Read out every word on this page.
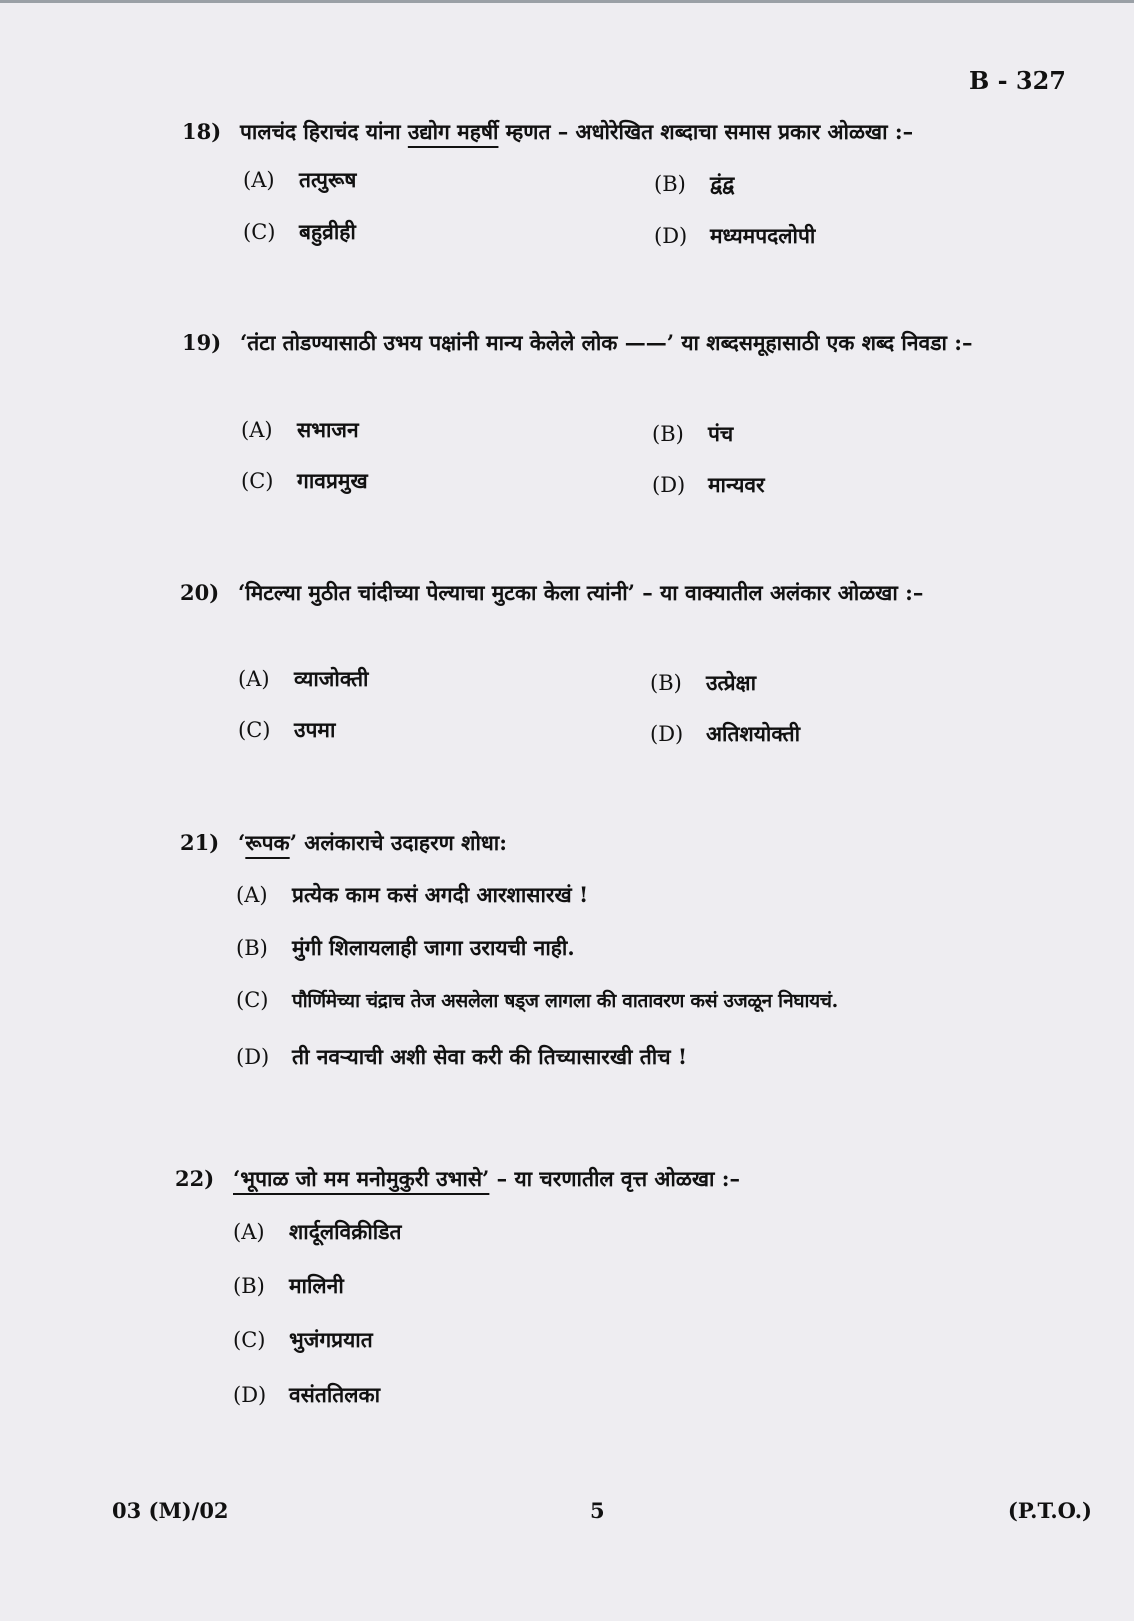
B - 327
18) पालचंद हिराचंद यांना उद्योग महर्षी म्हणत – अधोरेखित शब्दाचा समास प्रकार ओळखा :–
(A) तत्पुरूष	(B) द्वंद्व
(C) बहुव्रीही	(D) मध्यमपदलोपी
19) ‘तंटा तोडण्यासाठी उभय पक्षांनी मान्य केलेले लोक ——’ या शब्दसमूहासाठी एक शब्द निवडा :–
(A) सभाजन	(B) पंच
(C) गावप्रमुख	(D) मान्यवर
20) ‘मिटल्या मुठीत चांदीच्या पेल्याचा मुटका केला त्यांनी’ – या वाक्यातील अलंकार ओळखा :–
(A) व्याजोक्ती	(B) उत्प्रेक्षा
(C) उपमा	(D) अतिशयोक्ती
21) ‘रूपक’ अलंकाराचे उदाहरण शोधा:
(A) प्रत्येक काम कसं अगदी आरशासारखं !
(B) मुंगी शिलायलाही जागा उरायची नाही.
(C) पौर्णिमेच्या चंद्राच तेज असलेला षड्ज लागला की वातावरण कसं उजळून निघायचं.
(D) ती नवऱ्याची अशी सेवा करी की तिच्यासारखी तीच !
22) ‘भूपाळ जो मम मनोमुकुरी उभासे’ – या चरणातील वृत्त ओळखा :–
(A) शार्दूलविक्रीडित
(B) मालिनी
(C) भुजंगप्रयात
(D) वसंततिलका
03 (M)/02	5	(P.T.O.)
